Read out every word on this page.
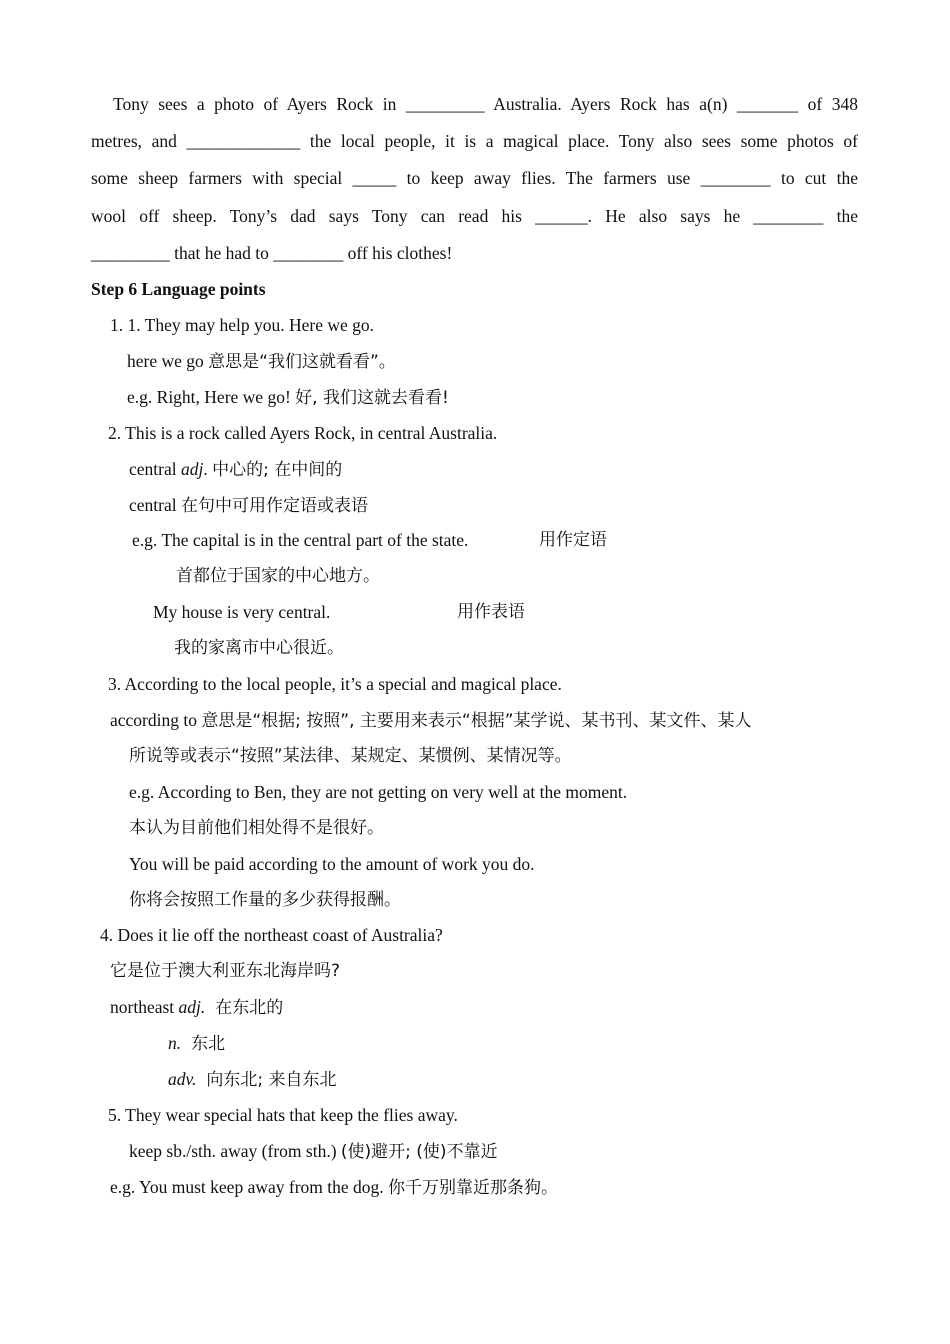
Tony sees a photo of Ayers Rock in _________ Australia. Ayers Rock has a(n) _______ of 348
metres, and _____________ the local people, it is a magical place. Tony also sees some photos of
some sheep farmers with special _____ to keep away flies. The farmers use ________ to cut the
wool off sheep. Tony’s dad says Tony can read his ______. He also says he ________ the
_________ that he had to ________ off his clothes!
Step 6 Language points
1. 1. They may help you. Here we go.
here we go 意思是“我们这就看看”。
e.g. Right, Here we go! 好, 我们这就去看看!
2. This is a rock called Ayers Rock, in central Australia.
central adj. 中心的; 在中间的
central 在句中可用作定语或表语
e.g. The capital is in the central part of the state.	用作定语
首都位于国家的中心地方。
My house is very central.	用作表语
我的家离市中心很近。
3. According to the local people, it’s a special and magical place.
according to 意思是“根据; 按照”, 主要用来表示“根据”某学说、某书刊、某文件、某人
所说等或表示“按照”某法律、某规定、某惯例、某情况等。
e.g. According to Ben, they are not getting on very well at the moment.
本认为目前他们相处得不是很好。
You will be paid according to the amount of work you do.
你将会按照工作量的多少获得报酬。
4. Does it lie off the northeast coast of Australia?
它是位于澳大利亚东北海岸吗?
northeast adj. 在东北的
n. 东北
adv. 向东北; 来自东北
5. They wear special hats that keep the flies away.
keep sb./sth. away (from sth.) (使)避开; (使)不靠近
e.g. You must keep away from the dog. 你千万别靠近那条狗。
